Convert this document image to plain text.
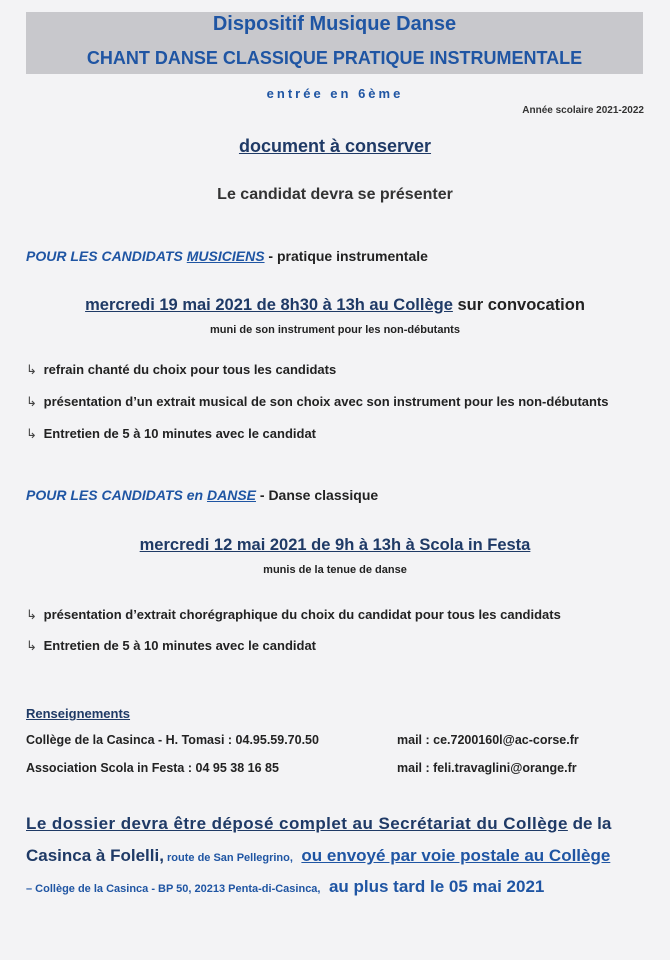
Dispositif Musique Danse
CHANT DANSE CLASSIQUE PRATIQUE INSTRUMENTALE
entrée en 6ème
Année scolaire 2021-2022
document à conserver
Le candidat devra se présenter
POUR LES CANDIDATS MUSICIENS - pratique instrumentale
mercredi 19 mai 2021 de 8h30 à 13h au Collège sur convocation
muni de son instrument pour les non-débutants
↳ refrain chanté du choix pour tous les candidats
↳ présentation d’un extrait musical de son choix avec son instrument pour les non-débutants
↳ Entretien de 5 à 10 minutes avec le candidat
POUR LES CANDIDATS en DANSE - Danse classique
mercredi 12 mai 2021 de 9h à 13h à Scola in Festa
munis de la tenue de danse
↳ présentation d’extrait chorégraphique du choix du candidat pour tous les candidats
↳ Entretien de 5 à 10 minutes avec le candidat
Renseignements
Collège de la Casinca - H. Tomasi : 04.95.59.70.50	mail : ce.7200160l@ac-corse.fr
Association Scola in Festa : 04 95 38 16 85	mail : feli.travaglini@orange.fr
Le dossier devra être déposé complet au Secrétariat du Collège de la
Casinca à Folelli, route de San Pellegrino, ou envoyé par voie postale au Collège
– Collège de la Casinca - BP 50, 20213 Penta-di-Casinca, au plus tard le 05 mai 2021
